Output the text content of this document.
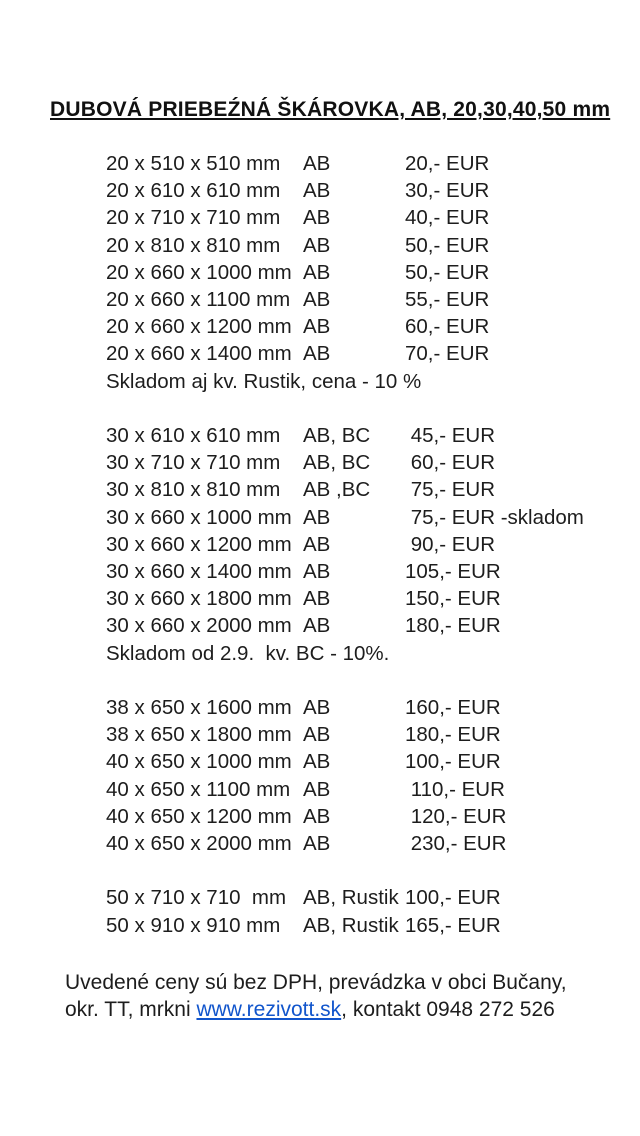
DUBOVÁ PRIEBEŹNÁ ŠKÁROVKA, AB, 20,30,40,50 mm
20 x 510 x 510 mm	AB	20,- EUR
20 x 610 x 610 mm	AB	30,- EUR
20 x 710 x 710 mm	AB	40,- EUR
20 x 810 x 810 mm	AB	50,- EUR
20 x 660 x 1000 mm AB	50,- EUR
20 x 660 x 1100 mm AB	55,- EUR
20 x 660 x 1200 mm AB	60,- EUR
20 x 660 x 1400 mm AB	70,- EUR
Skladom aj kv. Rustik, cena - 10 %
30 x 610 x 610 mm	AB, BC	45,- EUR
30 x 710 x 710 mm	AB, BC	60,- EUR
30 x 810 x 810 mm	AB ,BC	75,- EUR
30 x 660 x 1000 mm AB	75,- EUR -skladom
30 x 660 x 1200 mm AB	90,- EUR
30 x 660 x 1400 mm AB	105,- EUR
30 x 660 x 1800 mm AB	150,- EUR
30 x 660 x 2000 mm AB	180,- EUR
Skladom od 2.9.  kv. BC - 10%.
38 x 650 x 1600 mm AB	160,- EUR
38 x 650 x 1800 mm AB	180,- EUR
40 x 650 x 1000 mm AB	100,- EUR
40 x 650 x 1100 mm AB	110,- EUR
40 x 650 x 1200 mm AB	120,- EUR
40 x 650 x 2000 mm AB	230,- EUR
50 x 710 x 710  mm AB, Rustik 100,- EUR
50 x 910 x 910 mm	AB, Rustik 165,- EUR
Uvedené ceny sú bez DPH, prevádzka v obci Bučany,
okr. TT, mrkni www.rezivott.sk, kontakt 0948 272 526
